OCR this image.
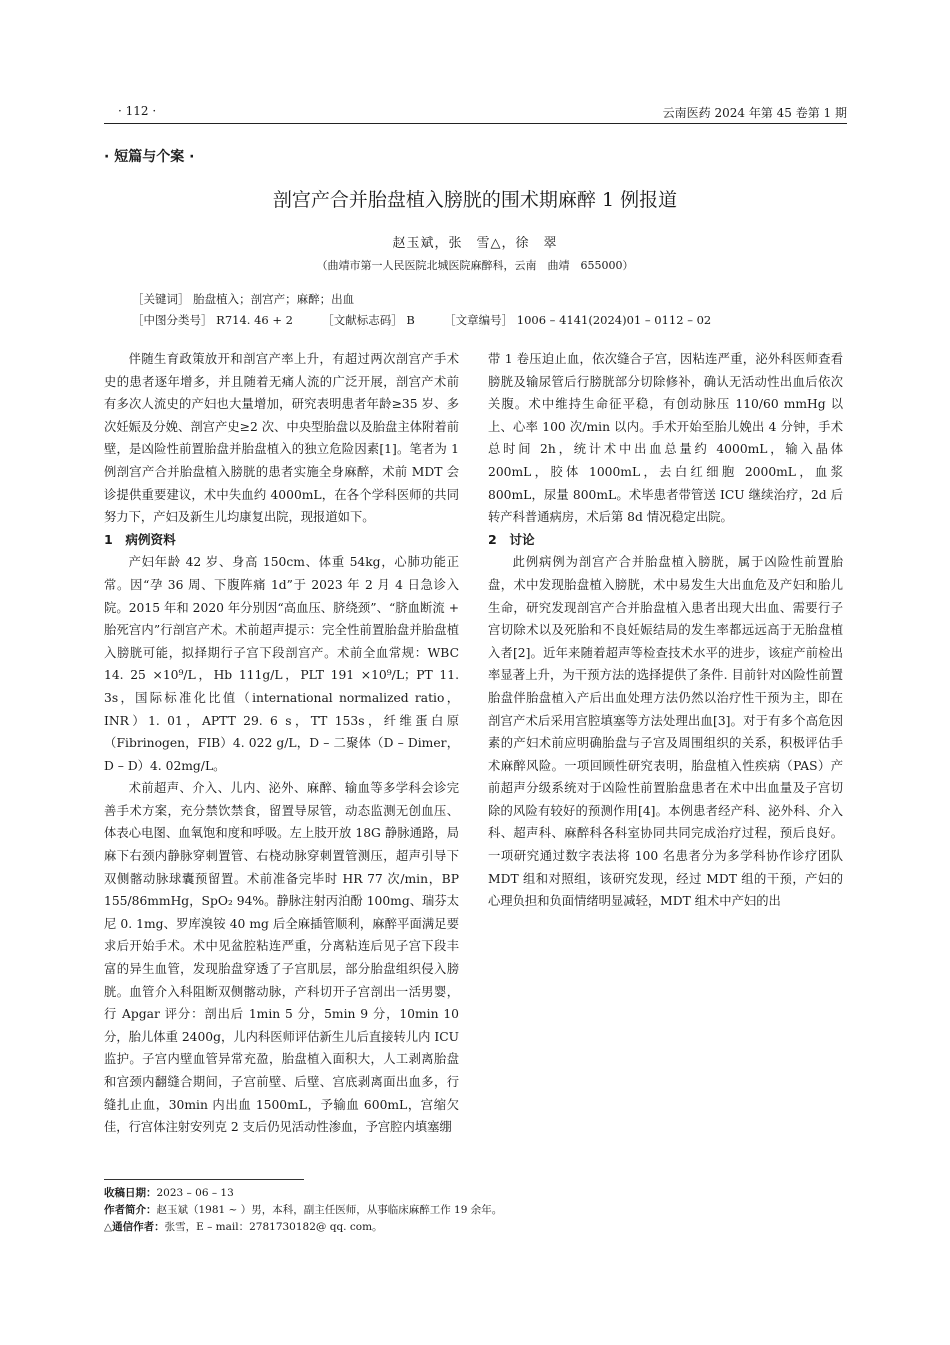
· 112 ·	云南医药 2024 年第 45 卷第 1 期
· 短篇与个案 ·
剖宫产合并胎盘植入膀胱的围术期麻醉 1 例报道
赵玉斌，张　雪△，徐　翠
（曲靖市第一人民医院北城医院麻醉科，云南　曲靖　655000）
［关键词］ 胎盘植入；剖宫产；麻醉；出血
［中图分类号］ R714. 46 + 2	［文献标志码］ B	［文章编号］ 1006 – 4141(2024)01 – 0112 – 02

伴随生育政策放开和剖宫产率上升，有超过两次剖宫产手术史的患者逐年增多，并且随着无痛人流的广泛开展，剖宫产术前有多次人流史的产妇也大量增加，研究表明患者年龄≥35 岁、多次妊娠及分娩、剖宫产史≥2 次、中央型胎盘以及胎盘主体附着前壁，是凶险性前置胎盘并胎盘植入的独立危险因素[1]。笔者为 1 例剖宫产合并胎盘植入膀胱的患者实施全身麻醉，术前 MDT 会诊提供重要建议，术中失血约 4000mL，在各个学科医师的共同努力下，产妇及新生儿均康复出院，现报道如下。

1　病例资料

产妇年龄 42 岁、身高 150cm、体重 54kg，心肺功能正常。因“孕 36 周、下腹阵痛 1d”于 2023 年 2 月 4 日急诊入院。2015 年和 2020 年分别因“高血压、脐绕颈”、“脐血断流 + 胎死宫内”行剖宫产术。术前超声提示：完全性前置胎盘并胎盘植入膀胱可能，拟择期行子宫下段剖宫产。术前全血常规：WBC 14. 25 ×10⁹/L，Hb 111g/L，PLT 191 ×10⁹/L；PT 11. 3s，国际标准化比值（international normalized ratio，INR）1. 01，APTT 29. 6 s，TT 153s，纤维蛋白原（Fibrinogen，FIB）4. 022 g/L，D – 二聚体（D – Dimer，D – D）4. 02mg/L。

术前超声、介入、儿内、泌外、麻醉、输血等多学科会诊完善手术方案，充分禁饮禁食，留置导尿管，动态监测无创血压、体表心电图、血氧饱和度和呼吸。左上肢开放 18G 静脉通路，局麻下右颈内静脉穿刺置管、右桡动脉穿刺置管测压，超声引导下双侧髂动脉球囊预留置。术前准备完毕时 HR 77 次/min，BP 155/86mmHg，SpO₂ 94%。静脉注射丙泊酚 100mg、瑞芬太尼 0. 1mg、罗库溴铵 40 mg 后全麻插管顺利，麻醉平面满足要求后开始手术。术中见盆腔粘连严重，分离粘连后见子宫下段丰富的异生血管，发现胎盘穿透了子宫肌层，部分胎盘组织侵入膀胱。血管介入科阻断双侧髂动脉，产科切开子宫剖出一活男婴，行 Apgar 评分：剖出后 1min 5 分，5min 9 分，10min 10 分，胎儿体重 2400g，儿内科医师评估新生儿后直接转儿内 ICU 监护。子宫内壁血管异常充盈，胎盘植入面积大，人工剥离胎盘和宫颈内翻缝合期间，子宫前壁、后壁、宫底剥离面出血多，行缝扎止血，30min 内出血 1500mL，予输血 600mL，宫缩欠佳，行宫体注射安列克 2 支后仍见活动性渗血，予宫腔内填塞绷

带 1 卷压迫止血，依次缝合子宫，因粘连严重，泌外科医师查看膀胱及输尿管后行膀胱部分切除修补，确认无活动性出血后依次关腹。术中维持生命征平稳，有创动脉压 110/60 mmHg 以上、心率 100 次/min 以内。手术开始至胎儿娩出 4 分钟，手术总时间 2h，统计术中出血总量约 4000mL，输入晶体 200mL，胶体 1000mL，去白红细胞 2000mL，血浆 800mL，尿量 800mL。术毕患者带管送 ICU 继续治疗，2d 后转产科普通病房，术后第 8d 情况稳定出院。

2　讨论

此例病例为剖宫产合并胎盘植入膀胱，属于凶险性前置胎盘，术中发现胎盘植入膀胱，术中易发生大出血危及产妇和胎儿生命，研究发现剖宫产合并胎盘植入患者出现大出血、需要行子宫切除术以及死胎和不良妊娠结局的发生率都远远高于无胎盘植入者[2]。近年来随着超声等检查技术水平的进步，该症产前检出率显著上升，为干预方法的选择提供了条件. 目前针对凶险性前置胎盘伴胎盘植入产后出血处理方法仍然以治疗性干预为主，即在剖宫产术后采用宫腔填塞等方法处理出血[3]。对于有多个高危因素的产妇术前应明确胎盘与子宫及周围组织的关系，积极评估手术麻醉风险。一项回顾性研究表明，胎盘植入性疾病（PAS）产前超声分级系统对于凶险性前置胎盘患者在术中出血量及子宫切除的风险有较好的预测作用[4]。本例患者经产科、泌外科、介入科、超声科、麻醉科各科室协同共同完成治疗过程，预后良好。一项研究通过数字表法将 100 名患者分为多学科协作诊疗团队 MDT 组和对照组，该研究发现，经过 MDT 组的干预，产妇的心理负担和负面情绪明显减轻，MDT 组术中产妇的出

收稿日期：2023 – 06 – 13
作者简介：赵玉斌（1981 ~ ）男，本科，副主任医师，从事临床麻醉工作 19 余年。
△通信作者：张雪，E – mail：2781730182@ qq. com。
